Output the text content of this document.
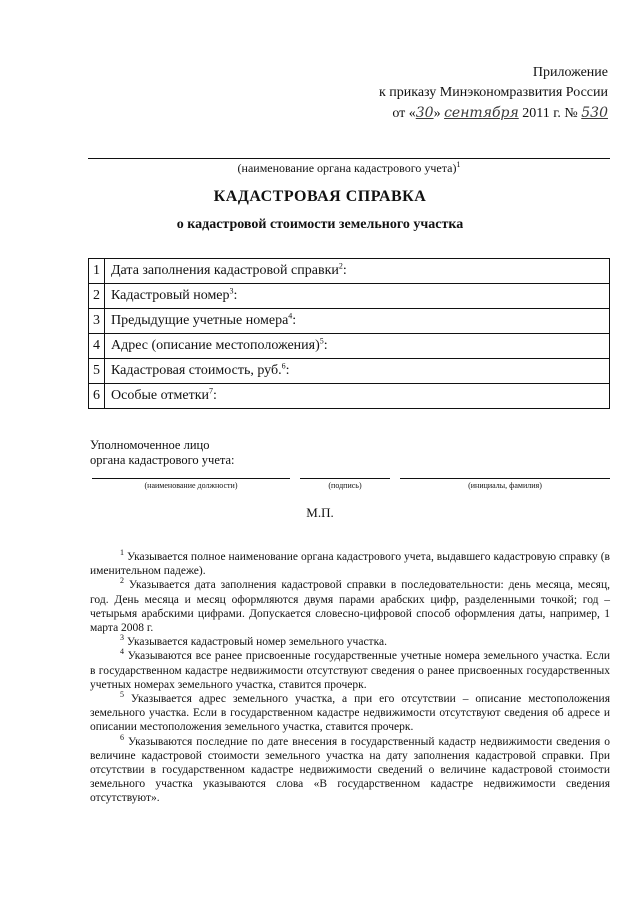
Приложение
к приказу Минэкономразвития России
от «30» сентября 2011 г. № 530
(наименование органа кадастрового учета)$^1$
КАДАСТРОВАЯ СПРАВКА
о кадастровой стоимости земельного участка
1	Дата заполнения кадастровой справки$^2$:
2	Кадастровый номер$^3$:
3	Предыдущие учетные номера$^4$:
4	Адрес (описание местоположения)$^5$:
5	Кадастровая стоимость, руб.$^6$:
6	Особые отметки$^7$:
Уполномоченное лицо
органа кадастрового учета:
(наименование должности)	(подпись)	(инициалы, фамилия)
М.П.

$^1$ Указывается полное наименование органа кадастрового учета, выдавшего кадастровую справку (в именительном падеже).

$^2$ Указывается дата заполнения кадастровой справки в последовательности: день месяца, месяц, год. День месяца и месяц оформляются двумя парами арабских цифр, разделенными точкой; год – четырьмя арабскими цифрами. Допускается словесно-цифровой способ оформления даты, например, 1 марта 2008 г.

$^3$ Указывается кадастровый номер земельного участка.

$^4$ Указываются все ранее присвоенные государственные учетные номера земельного участка. Если в государственном кадастре недвижимости отсутствуют сведения о ранее присвоенных государственных учетных номерах земельного участка, ставится прочерк.

$^5$ Указывается адрес земельного участка, а при его отсутствии – описание местоположения земельного участка. Если в государственном кадастре недвижимости отсутствуют сведения об адресе и описании местоположения земельного участка, ставится прочерк.

$^6$ Указываются последние по дате внесения в государственный кадастр недвижимости сведения о величине кадастровой стоимости земельного участка на дату заполнения кадастровой справки. При отсутствии в государственном кадастре недвижимости сведений о величине кадастровой стоимости земельного участка указываются слова «В государственном кадастре недвижимости сведения отсутствуют».
